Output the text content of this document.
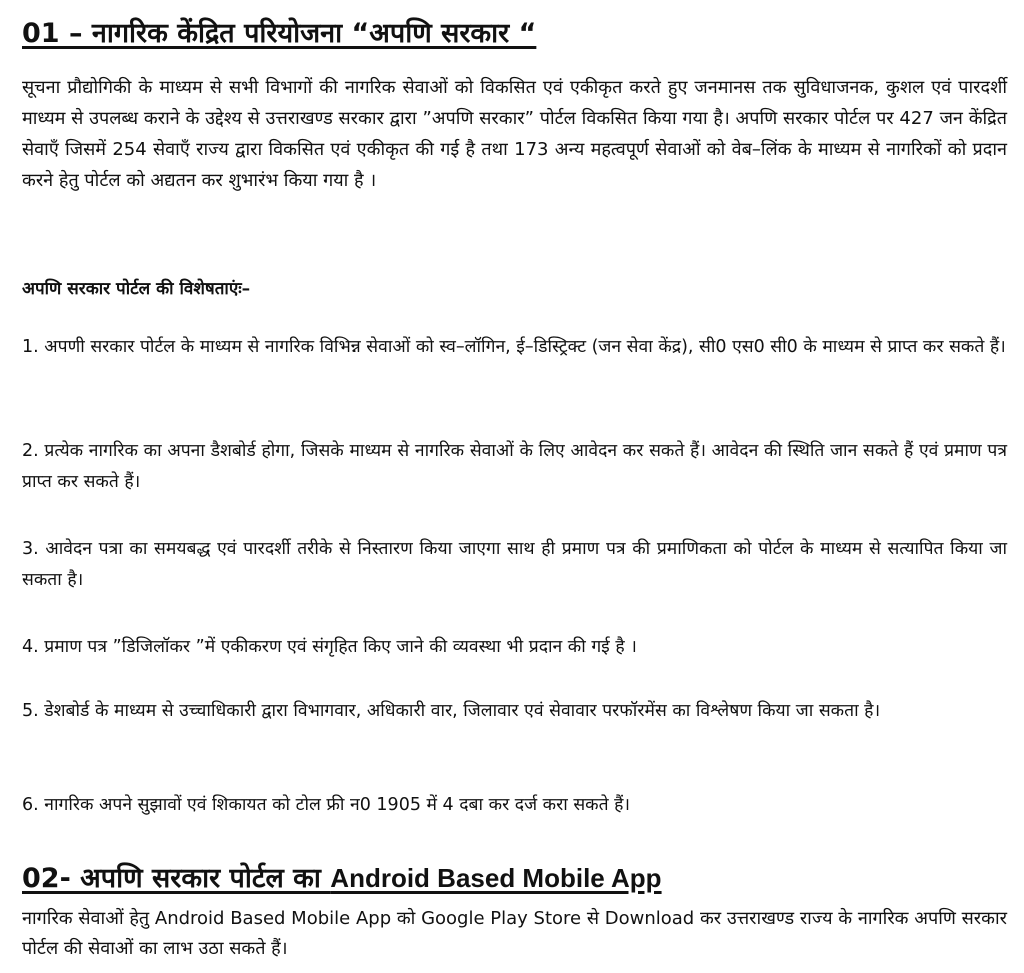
01 – नागरिक केंद्रित परियोजना “अपणि सरकार “

सूचना प्रौद्योगिकी के माध्यम से सभी विभागों की नागरिक सेवाओं को विकसित एवं एकीकृत करते हुए जनमानस तक सुविधाजनक, कुशल एवं पारदर्शी माध्यम से उपलब्ध कराने के उद्देश्य से उत्तराखण्ड सरकार द्वारा ”अपणि सरकार” पोर्टल विकसित किया गया है। अपणि सरकार पोर्टल पर 427 जन केंद्रित सेवाएँ जिसमें 254 सेवाएँ राज्य द्वारा विकसित एवं एकीकृत की गई है तथा 173 अन्य महत्वपूर्ण सेवाओं को वेब–लिंक के माध्यम से नागरिकों को प्रदान करने हेतु पोर्टल को अद्यतन कर शुभारंभ किया गया है ।

अपणि सरकार पोर्टल की विशेषताएंः–

1. अपणी सरकार पोर्टल के माध्यम से नागरिक विभिन्न सेवाओं को स्व–लॉगिन, ई–डिस्ट्रिक्ट (जन सेवा केंद्र), सी0 एस0 सी0 के माध्यम से प्राप्त कर सकते हैं।

2. प्रत्येक नागरिक का अपना डैशबोर्ड होगा, जिसके माध्यम से नागरिक सेवाओं के लिए आवेदन कर सकते हैं। आवेदन की स्थिति जान सकते हैं एवं प्रमाण पत्र प्राप्त कर सकते हैं।

3. आवेदन पत्रा का समयबद्ध एवं पारदर्शी तरीके से निस्तारण किया जाएगा साथ ही प्रमाण पत्र की प्रमाणिकता को पोर्टल के माध्यम से सत्यापित किया जा सकता है।

4. प्रमाण पत्र ”डिजिलॉकर ”में एकीकरण एवं संगृहित किए जाने की व्यवस्था भी प्रदान की गई है ।

5. डेशबोर्ड के माध्यम से उच्चाधिकारी द्वारा विभागवार, अधिकारी वार, जिलावार एवं सेवावार परफॉरमेंस का विश्लेषण किया जा सकता है।

6. नागरिक अपने सुझावों एवं शिकायत को टोल फ्री न0 1905 में 4 दबा कर दर्ज करा सकते हैं।

02- अपणि सरकार पोर्टल का Android Based Mobile App

नागरिक सेवाओं हेतु Android Based Mobile App को Google Play Store से Download कर उत्तराखण्ड राज्य के नागरिक अपणि सरकार पोर्टल की सेवाओं का लाभ उठा सकते हैं।
